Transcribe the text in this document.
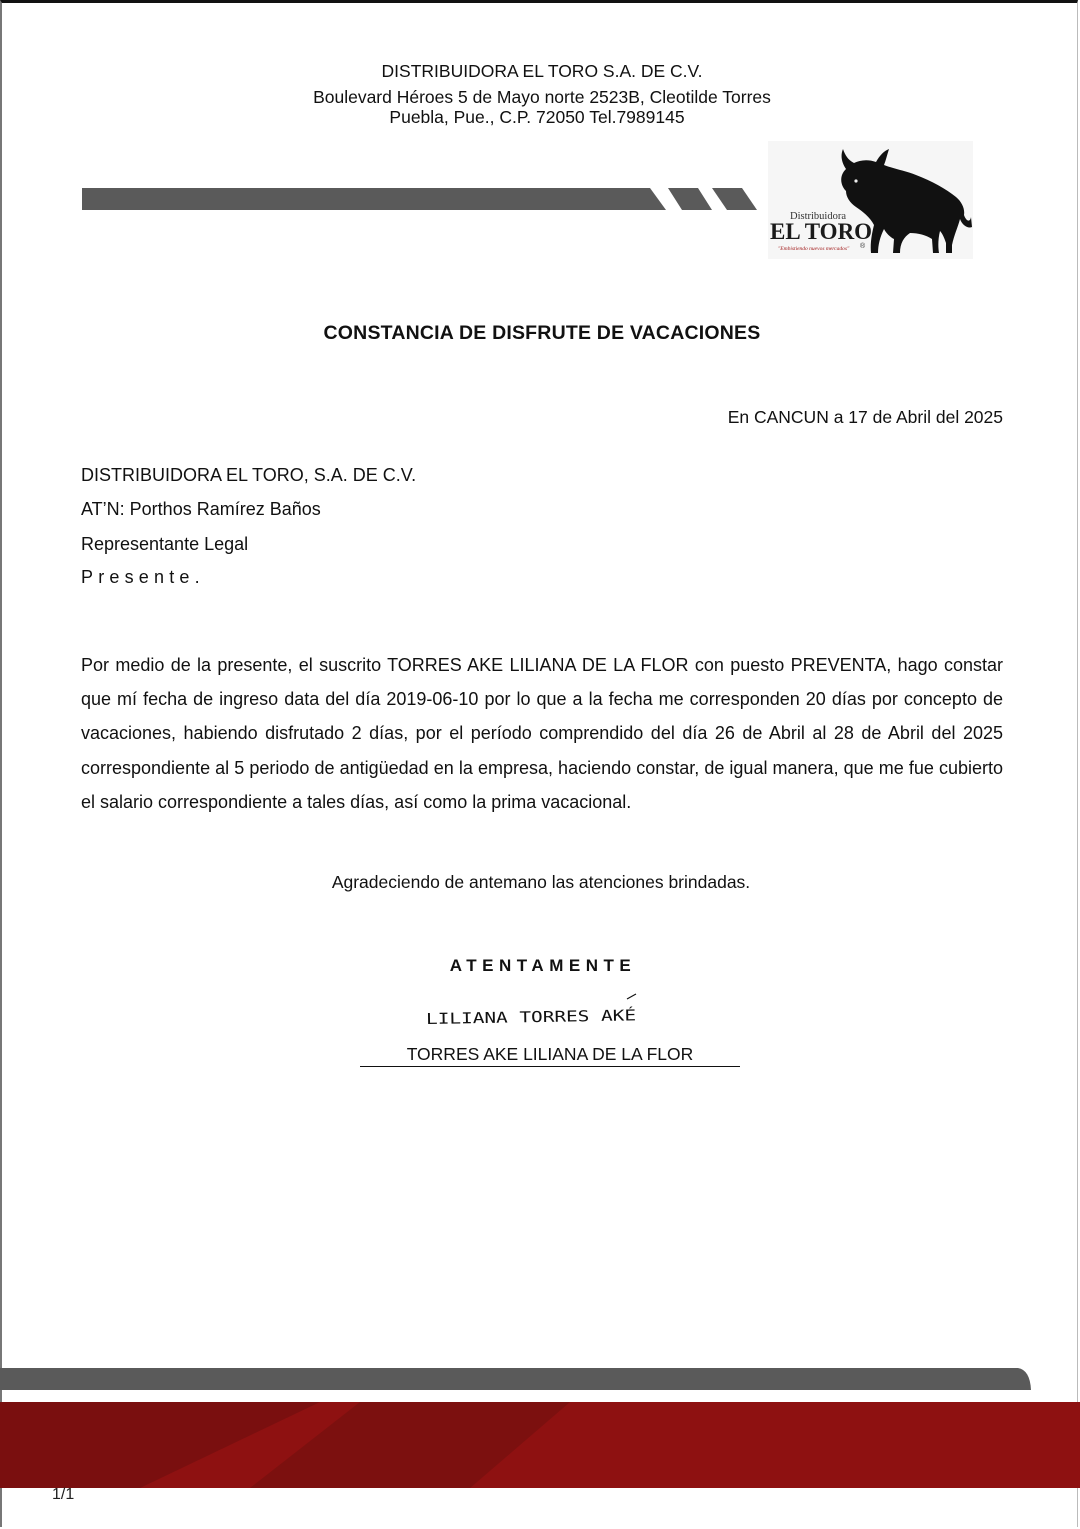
DISTRIBUIDORA EL TORO S.A. DE C.V.
Boulevard Héroes 5 de Mayo norte 2523B, Cleotilde Torres
Puebla, Pue., C.P. 72050 Tel.7989145
Distribuidora
EL TORO
"Embistiendo nuevos mercados" ®
CONSTANCIA DE DISFRUTE DE VACACIONES
En CANCUN a 17 de Abril del 2025
DISTRIBUIDORA EL TORO, S.A. DE C.V.
AT’N: Porthos Ramírez Baños
Representante Legal
Presente.
Por medio de la presente, el suscrito TORRES AKE LILIANA DE LA FLOR con puesto PREVENTA, hago constar que mí fecha de ingreso data del día 2019-06-10 por lo que a la fecha me corresponden 20 días por concepto de vacaciones, habiendo disfrutado 2 días, por el período comprendido del día 26 de Abril al 28 de Abril del 2025 correspondiente al 5 periodo de antigüedad en la empresa, haciendo constar, de igual manera, que me fue cubierto el salario correspondiente a tales días, así como la prima vacacional.
Agradeciendo de antemano las atenciones brindadas.
ATENTAMENTE
LILIANA TORRES AKÉ
TORRES AKE LILIANA DE LA FLOR
1/1
